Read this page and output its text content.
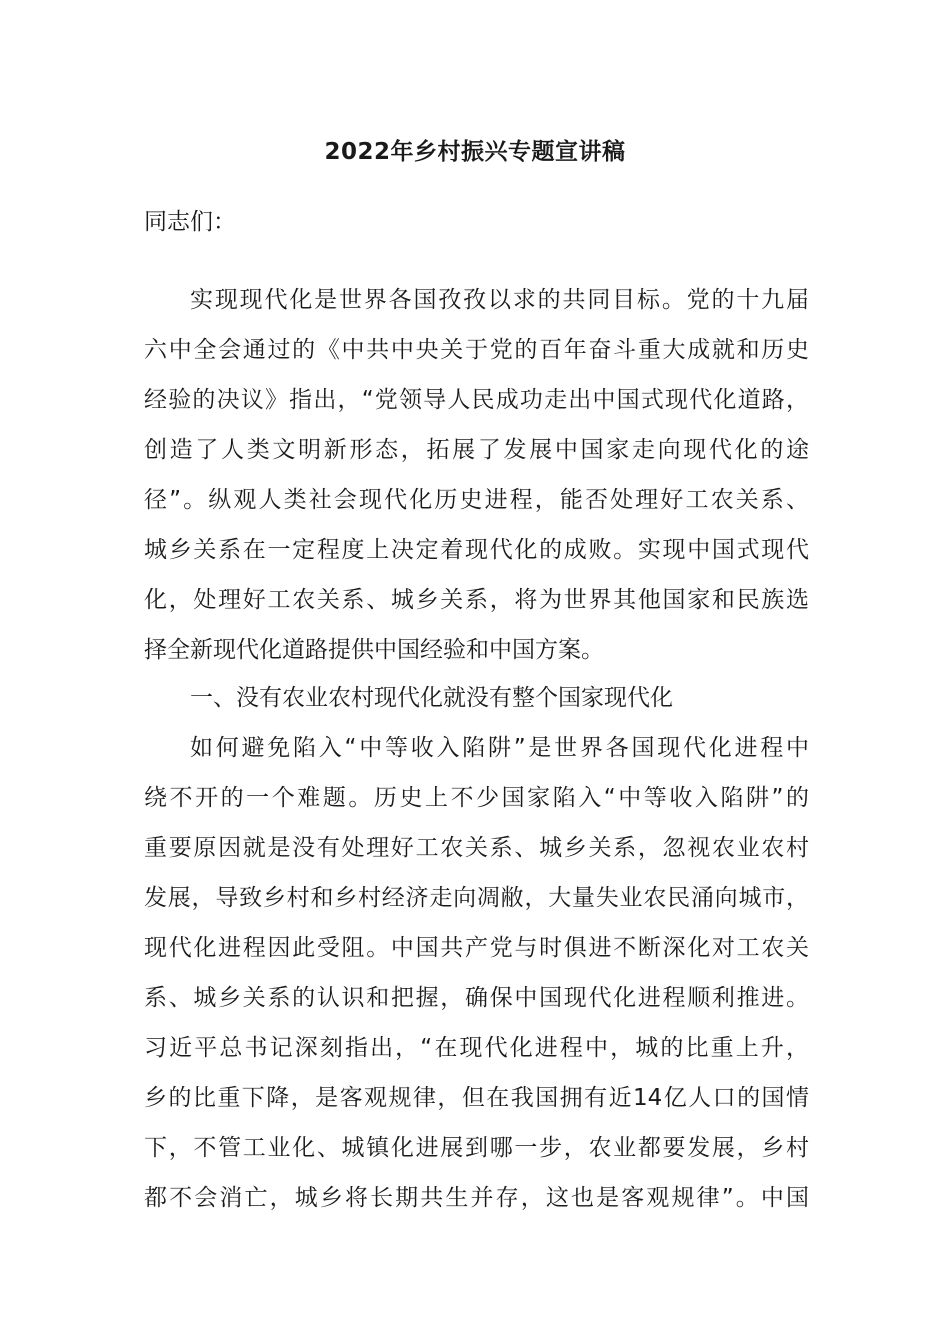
2022年乡村振兴专题宣讲稿
同志们：
实现现代化是世界各国孜孜以求的共同目标。党的十九届
六中全会通过的《中共中央关于党的百年奋斗重大成就和历史
经验的决议》指出，“党领导人民成功走出中国式现代化道路，
创造了人类文明新形态，拓展了发展中国家走向现代化的途
径”。纵观人类社会现代化历史进程，能否处理好工农关系、
城乡关系在一定程度上决定着现代化的成败。实现中国式现代
化，处理好工农关系、城乡关系，将为世界其他国家和民族选
择全新现代化道路提供中国经验和中国方案。
一、没有农业农村现代化就没有整个国家现代化
如何避免陷入“中等收入陷阱”是世界各国现代化进程中
绕不开的一个难题。历史上不少国家陷入“中等收入陷阱”的
重要原因就是没有处理好工农关系、城乡关系，忽视农业农村
发展，导致乡村和乡村经济走向凋敝，大量失业农民涌向城市，
现代化进程因此受阻。中国共产党与时俱进不断深化对工农关
系、城乡关系的认识和把握，确保中国现代化进程顺利推进。
习近平总书记深刻指出，“在现代化进程中，城的比重上升，
乡的比重下降，是客观规律，但在我国拥有近14亿人口的国情
下，不管工业化、城镇化进展到哪一步，农业都要发展，乡村
都不会消亡，城乡将长期共生并存，这也是客观规律”。中国
